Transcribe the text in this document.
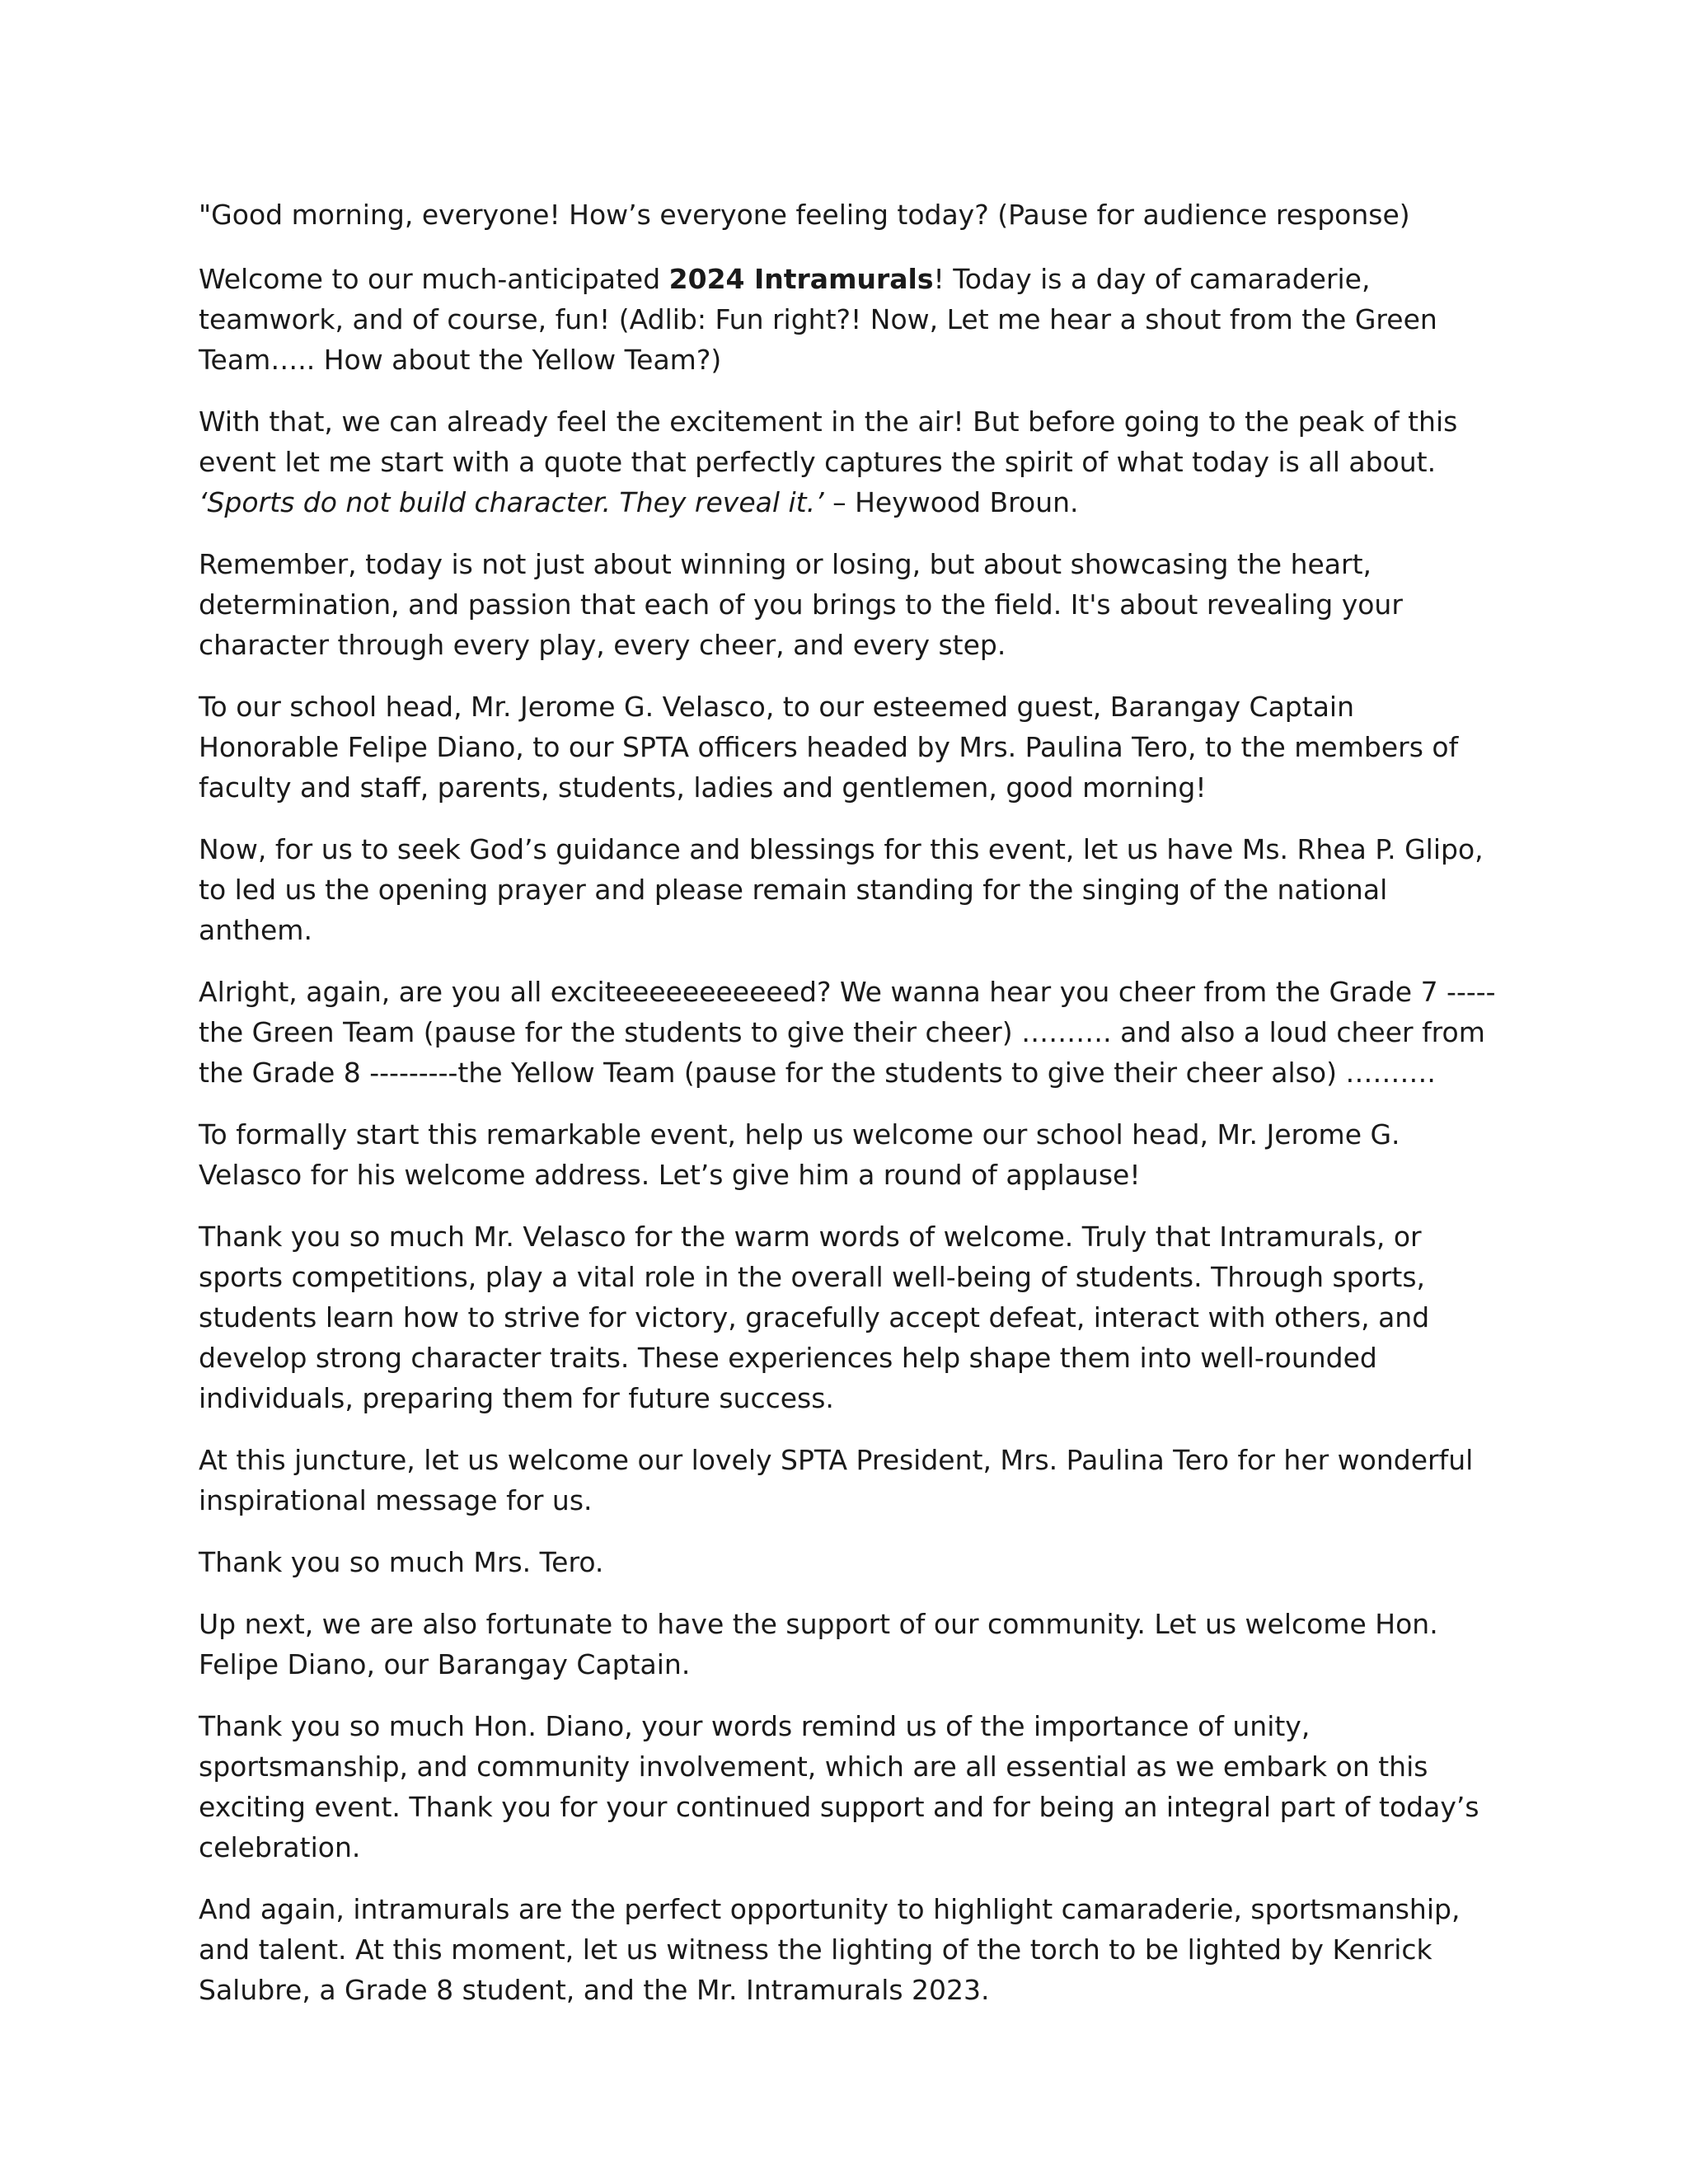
"Good morning, everyone! How’s everyone feeling today? (Pause for audience response)

Welcome to our much-anticipated 2024 Intramurals! Today is a day of camaraderie, teamwork, and of course, fun! (Adlib: Fun right?! Now, Let me hear a shout from the Green Team….. How about the Yellow Team?)

With that, we can already feel the excitement in the air! But before going to the peak of this event let me start with a quote that perfectly captures the spirit of what today is all about. ‘Sports do not build character. They reveal it.’ – Heywood Broun.

Remember, today is not just about winning or losing, but about showcasing the heart, determination, and passion that each of you brings to the field. It's about revealing your character through every play, every cheer, and every step.

To our school head, Mr. Jerome G. Velasco, to our esteemed guest, Barangay Captain Honorable Felipe Diano, to our SPTA officers headed by Mrs. Paulina Tero, to the members of faculty and staff, parents, students, ladies and gentlemen, good morning!

Now, for us to seek God’s guidance and blessings for this event, let us have Ms. Rhea P. Glipo, to led us the opening prayer and please remain standing for the singing of the national anthem.

Alright, again, are you all exciteeeeeeeeeeed? We wanna hear you cheer from the Grade 7 -----the Green Team (pause for the students to give their cheer) ………. and also a loud cheer from the Grade 8 ---------the Yellow Team (pause for the students to give their cheer also) ……….

To formally start this remarkable event, help us welcome our school head, Mr. Jerome G. Velasco for his welcome address. Let’s give him a round of applause!

Thank you so much Mr. Velasco for the warm words of welcome. Truly that Intramurals, or sports competitions, play a vital role in the overall well-being of students. Through sports, students learn how to strive for victory, gracefully accept defeat, interact with others, and develop strong character traits. These experiences help shape them into well-rounded individuals, preparing them for future success.

At this juncture, let us welcome our lovely SPTA President, Mrs. Paulina Tero for her wonderful inspirational message for us.

Thank you so much Mrs. Tero.

Up next, we are also fortunate to have the support of our community. Let us welcome Hon. Felipe Diano, our Barangay Captain.

Thank you so much Hon. Diano, your words remind us of the importance of unity, sportsmanship, and community involvement, which are all essential as we embark on this exciting event. Thank you for your continued support and for being an integral part of today’s celebration.

And again, intramurals are the perfect opportunity to highlight camaraderie, sportsmanship, and talent. At this moment, let us witness the lighting of the torch to be lighted by Kenrick Salubre, a Grade 8 student, and the Mr. Intramurals 2023.
